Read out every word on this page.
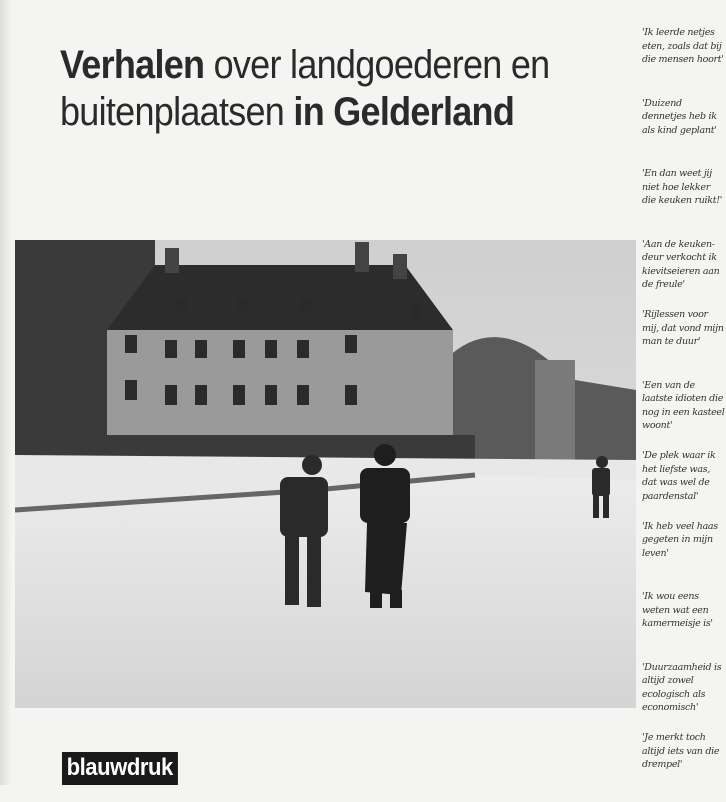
Verhalen over landgoederen en
buitenplaatsen in Gelderland
'Ik leerde netjes eten, zoals dat bij die mensen hoort'
'Duizend dennetjes heb ik als kind geplant'
'En dan weet jij niet hoe lekker die keuken ruikt!'
'Aan de keuken-deur verkocht ik kievitseieren aan de freule'
'Rijlessen voor mij, dat vond mijn man te duur'
'Een van de laatste idioten die nog in een kasteel woont'
'De plek waar ik het liefste was, dat was wel de paardenstal'
'Ik heb veel haas gegeten in mijn leven'
'Ik wou eens weten wat een kamermeisje is'
'Duurzaamheid is altijd zowel ecologisch als economisch'
'Je merkt toch altijd iets van die drempel'
blauwdruk
